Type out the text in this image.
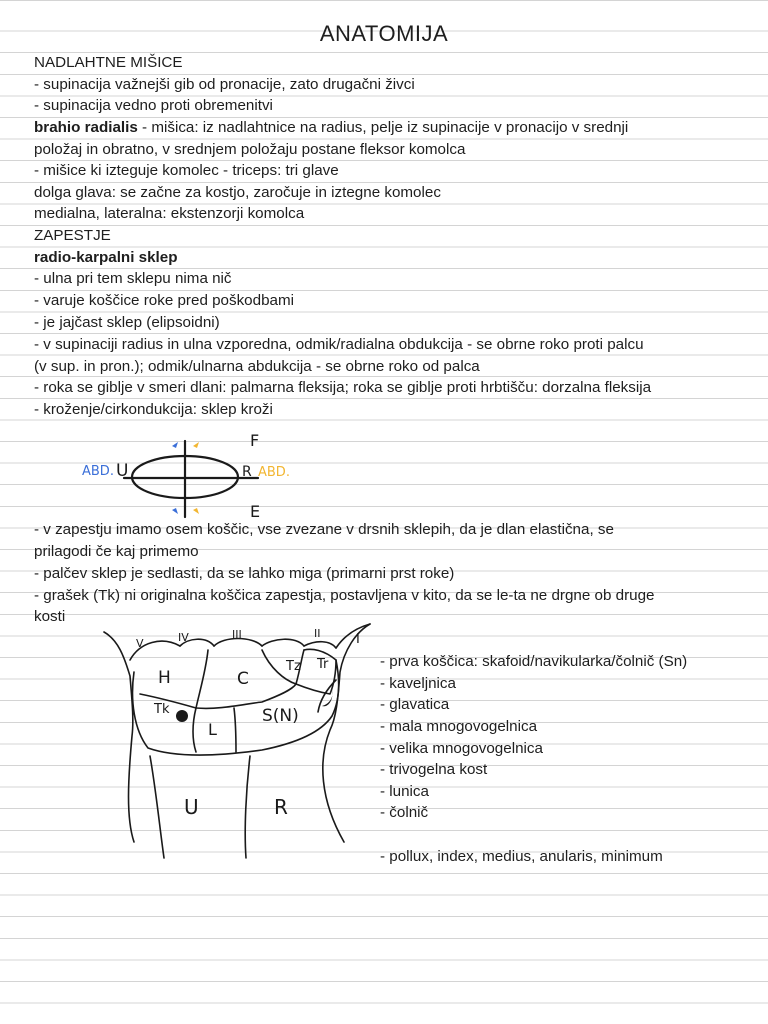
ANATOMIJA
NADLAHTNE MIŠICE
- supinacija važnejši gib od pronacije, zato drugačni živci
- supinacija vedno proti obremenitvi
brahio radialis - mišica: iz nadlahtnice na radius, pelje iz supinacije v pronacijo v srednji
položaj in obratno, v srednjem položaju postane fleksor komolca
- mišice ki izteguje komolec - triceps: tri glave
dolga glava: se začne za kostjo, zaročuje in iztegne komolec
medialna, lateralna: ekstenzorji komolca
ZAPESTJE
radio-karpalni sklep
- ulna pri tem sklepu nima nič
- varuje koščice roke pred poškodbami
- je jajčast sklep (elipsoidni)
- v supinaciji radius in ulna vzporedna, odmik/radialna obdukcija - se obrne roko proti palcu
(v sup. in pron.); odmik/ulnarna abdukcija - se obrne roko od palca
- roka se giblje v smeri dlani: palmarna fleksija; roka se giblje proti hrbtišču: dorzalna fleksija
- kroženje/cirkondukcija: sklep kroži
F
E
U	R
ABD.	ABD.
- v zapestju imamo osem koščic, vse zvezane v drsnih sklepih, da je dlan elastična, se
prilagodi če kaj primemo
- palčev sklep je sedlasti, da se lahko miga (primarni prst roke)
- grašek (Tk) ni originalna koščica zapestja, postavljena v kito, da se le-ta ne drgne ob druge
kosti
V	IV	III	II	I
H	C
Tz Tr
Tk
L
S(N)
U	R
- prva koščica: skafoid/navikularka/čolnič (Sn)
- kaveljnica
- glavatica
- mala mnogovogelnica
- velika mnogovogelnica
- trivogelna kost
- lunica
- čolnič
- pollux, index, medius, anularis, minimum
